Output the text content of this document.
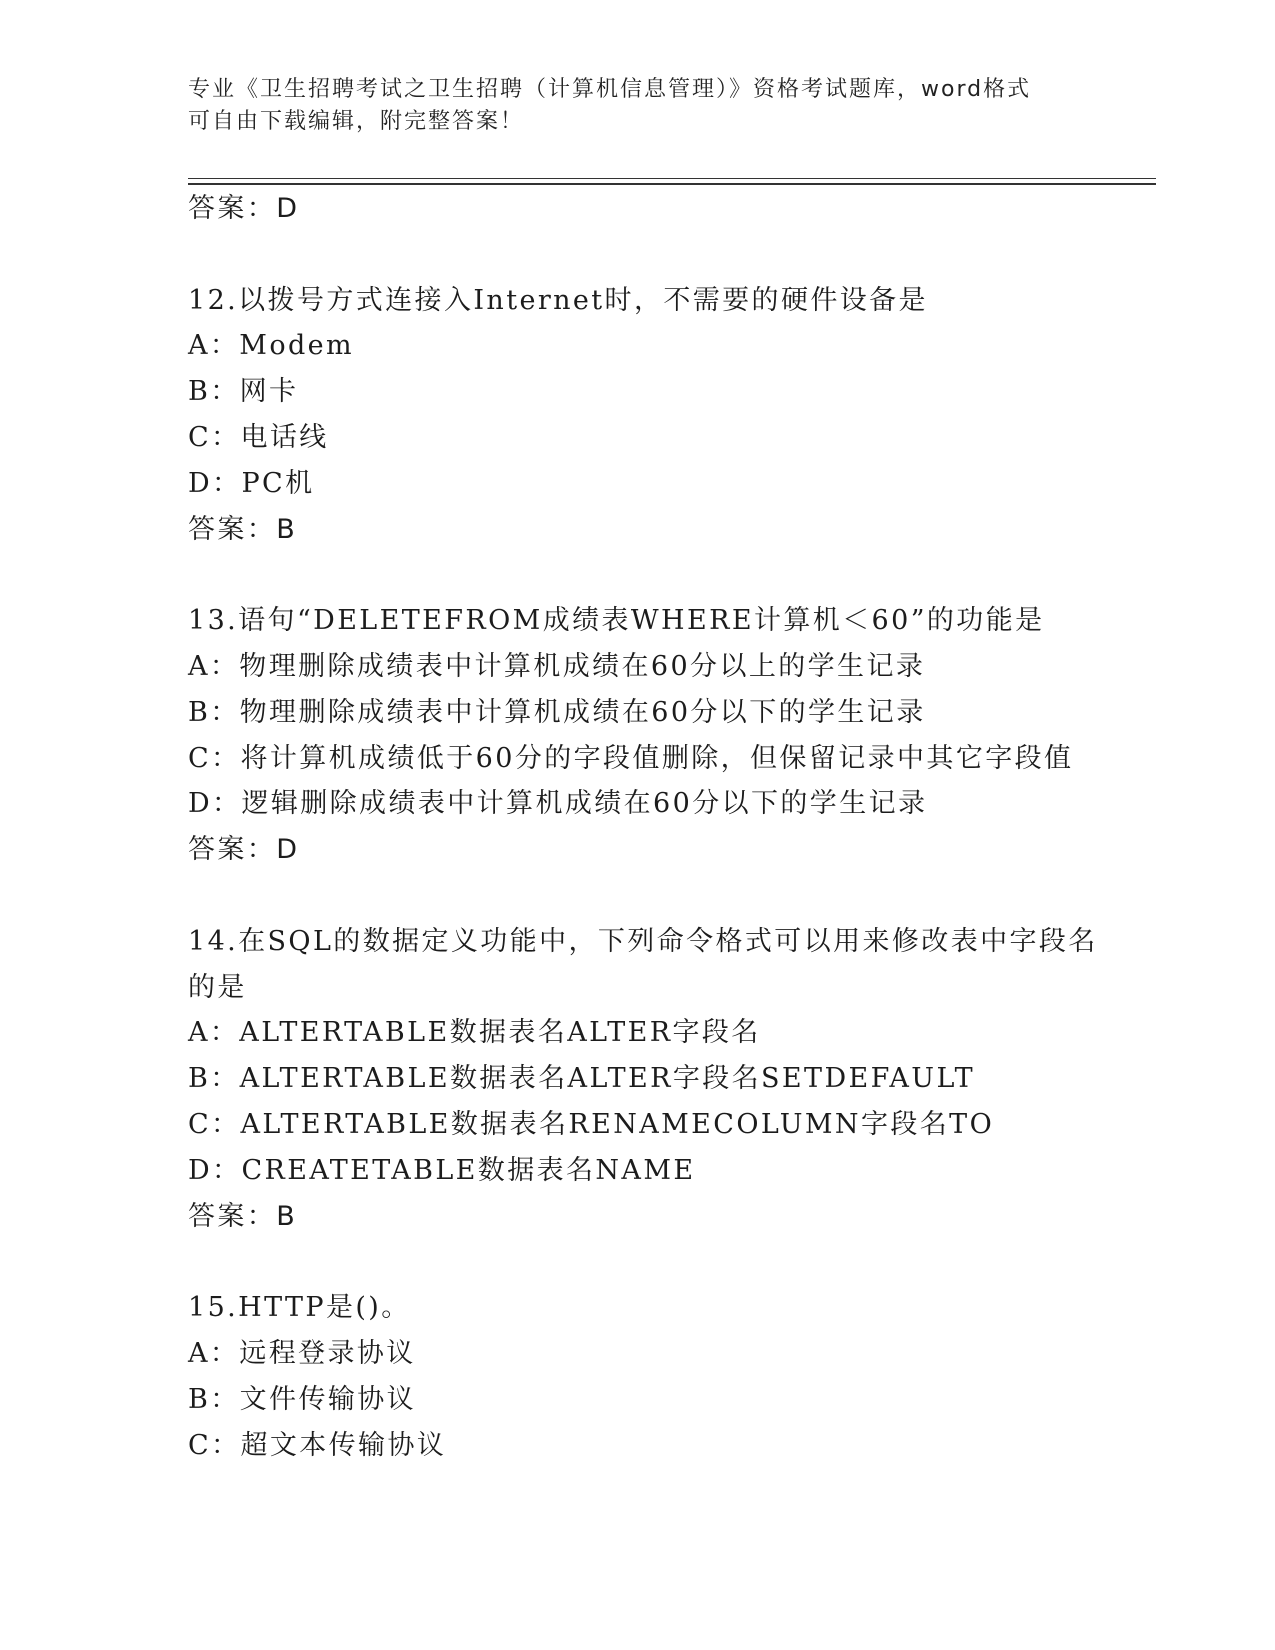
专业《卫生招聘考试之卫生招聘（计算机信息管理）》资格考试题库，word格式
可自由下载编辑，附完整答案！
答案：D
12.以拨号方式连接入Internet时，不需要的硬件设备是
A：Modem
B：网卡
C：电话线
D：PC机
答案：B
13.语句“DELETEFROM成绩表WHERE计算机＜60”的功能是
A：物理删除成绩表中计算机成绩在60分以上的学生记录
B：物理删除成绩表中计算机成绩在60分以下的学生记录
C：将计算机成绩低于60分的字段值删除，但保留记录中其它字段值
D：逻辑删除成绩表中计算机成绩在60分以下的学生记录
答案：D
14.在SQL的数据定义功能中，下列命令格式可以用来修改表中字段名
的是
A：ALTERTABLE数据表名ALTER字段名
B：ALTERTABLE数据表名ALTER字段名SETDEFAULT
C：ALTERTABLE数据表名RENAMECOLUMN字段名TO
D：CREATETABLE数据表名NAME
答案：B
15.HTTP是()。
A：远程登录协议
B：文件传输协议
C：超文本传输协议
